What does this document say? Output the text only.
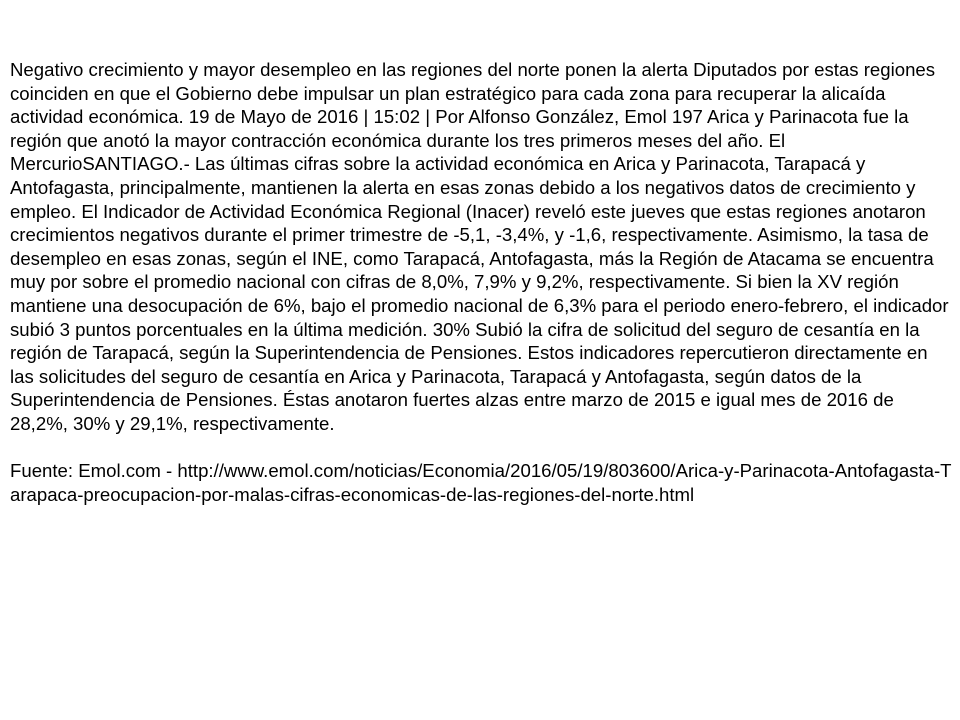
Negativo crecimiento y mayor desempleo en las regiones del norte ponen la alerta Diputados por estas regiones coinciden en que el Gobierno debe impulsar un plan estratégico para cada zona para recuperar la alicaída actividad económica. 19 de Mayo de 2016 | 15:02 | Por Alfonso González, Emol 197 Arica y Parinacota fue la región que anotó la mayor contracción económica durante los tres primeros meses del año. El MercurioSANTIAGO.- Las últimas cifras sobre la actividad económica en Arica y Parinacota, Tarapacá y Antofagasta, principalmente, mantienen la alerta en esas zonas debido a los negativos datos de crecimiento y empleo. El Indicador de Actividad Económica Regional (Inacer) reveló este jueves que estas regiones anotaron crecimientos negativos durante el primer trimestre de -5,1, -3,4%, y -1,6, respectivamente. Asimismo, la tasa de desempleo en esas zonas, según el INE, como Tarapacá, Antofagasta, más la Región de Atacama se encuentra muy por sobre el promedio nacional con cifras de 8,0%, 7,9% y 9,2%, respectivamente. Si bien la XV región mantiene una desocupación de 6%, bajo el promedio nacional de 6,3% para el periodo enero-febrero, el indicador subió 3 puntos porcentuales en la última medición. 30% Subió la cifra de solicitud del seguro de cesantía en la región de Tarapacá, según la Superintendencia de Pensiones. Estos indicadores repercutieron directamente en las solicitudes del seguro de cesantía en Arica y Parinacota, Tarapacá y Antofagasta, según datos de la Superintendencia de Pensiones. Éstas anotaron fuertes alzas entre marzo de 2015 e igual mes de 2016 de 28,2%, 30% y 29,1%, respectivamente.

Fuente: Emol.com - http://www.emol.com/noticias/Economia/2016/05/19/803600/Arica-y-Parinacota-Antofagasta-Tarapaca-preocupacion-por-malas-cifras-economicas-de-las-regiones-del-norte.html
